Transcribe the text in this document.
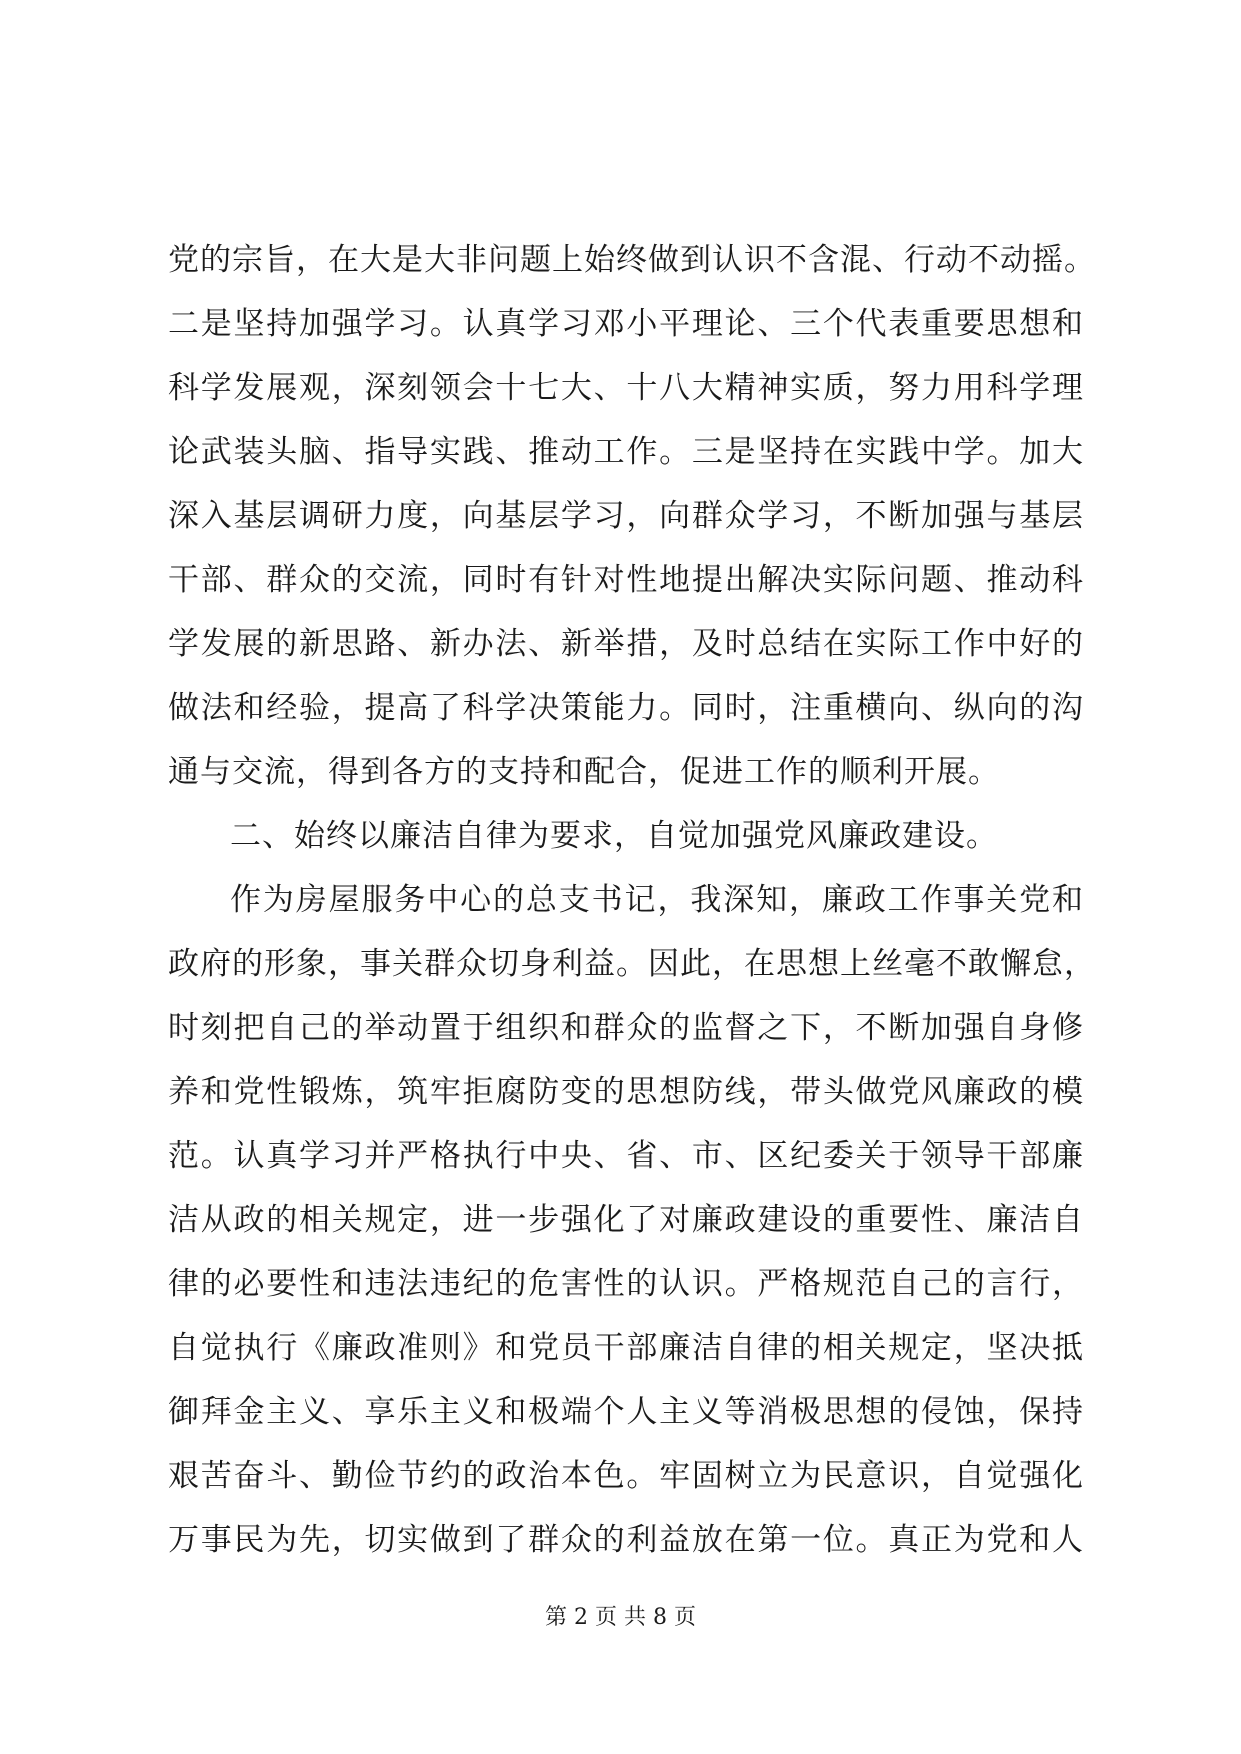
党的宗旨，在大是大非问题上始终做到认识不含混、行动不动摇。
二是坚持加强学习。认真学习邓小平理论、三个代表重要思想和
科学发展观，深刻领会十七大、十八大精神实质，努力用科学理
论武装头脑、指导实践、推动工作。三是坚持在实践中学。加大
深入基层调研力度，向基层学习，向群众学习，不断加强与基层
干部、群众的交流，同时有针对性地提出解决实际问题、推动科
学发展的新思路、新办法、新举措，及时总结在实际工作中好的
做法和经验，提高了科学决策能力。同时，注重横向、纵向的沟
通与交流，得到各方的支持和配合，促进工作的顺利开展。
二、始终以廉洁自律为要求，自觉加强党风廉政建设。
作为房屋服务中心的总支书记，我深知，廉政工作事关党和
政府的形象，事关群众切身利益。因此，在思想上丝毫不敢懈怠，
时刻把自己的举动置于组织和群众的监督之下，不断加强自身修
养和党性锻炼，筑牢拒腐防变的思想防线，带头做党风廉政的模
范。认真学习并严格执行中央、省、市、区纪委关于领导干部廉
洁从政的相关规定，进一步强化了对廉政建设的重要性、廉洁自
律的必要性和违法违纪的危害性的认识。严格规范自己的言行，
自觉执行《廉政准则》和党员干部廉洁自律的相关规定，坚决抵
御拜金主义、享乐主义和极端个人主义等消极思想的侵蚀，保持
艰苦奋斗、勤俭节约的政治本色。牢固树立为民意识，自觉强化
万事民为先，切实做到了群众的利益放在第一位。真正为党和人
第 2 页 共 8 页
